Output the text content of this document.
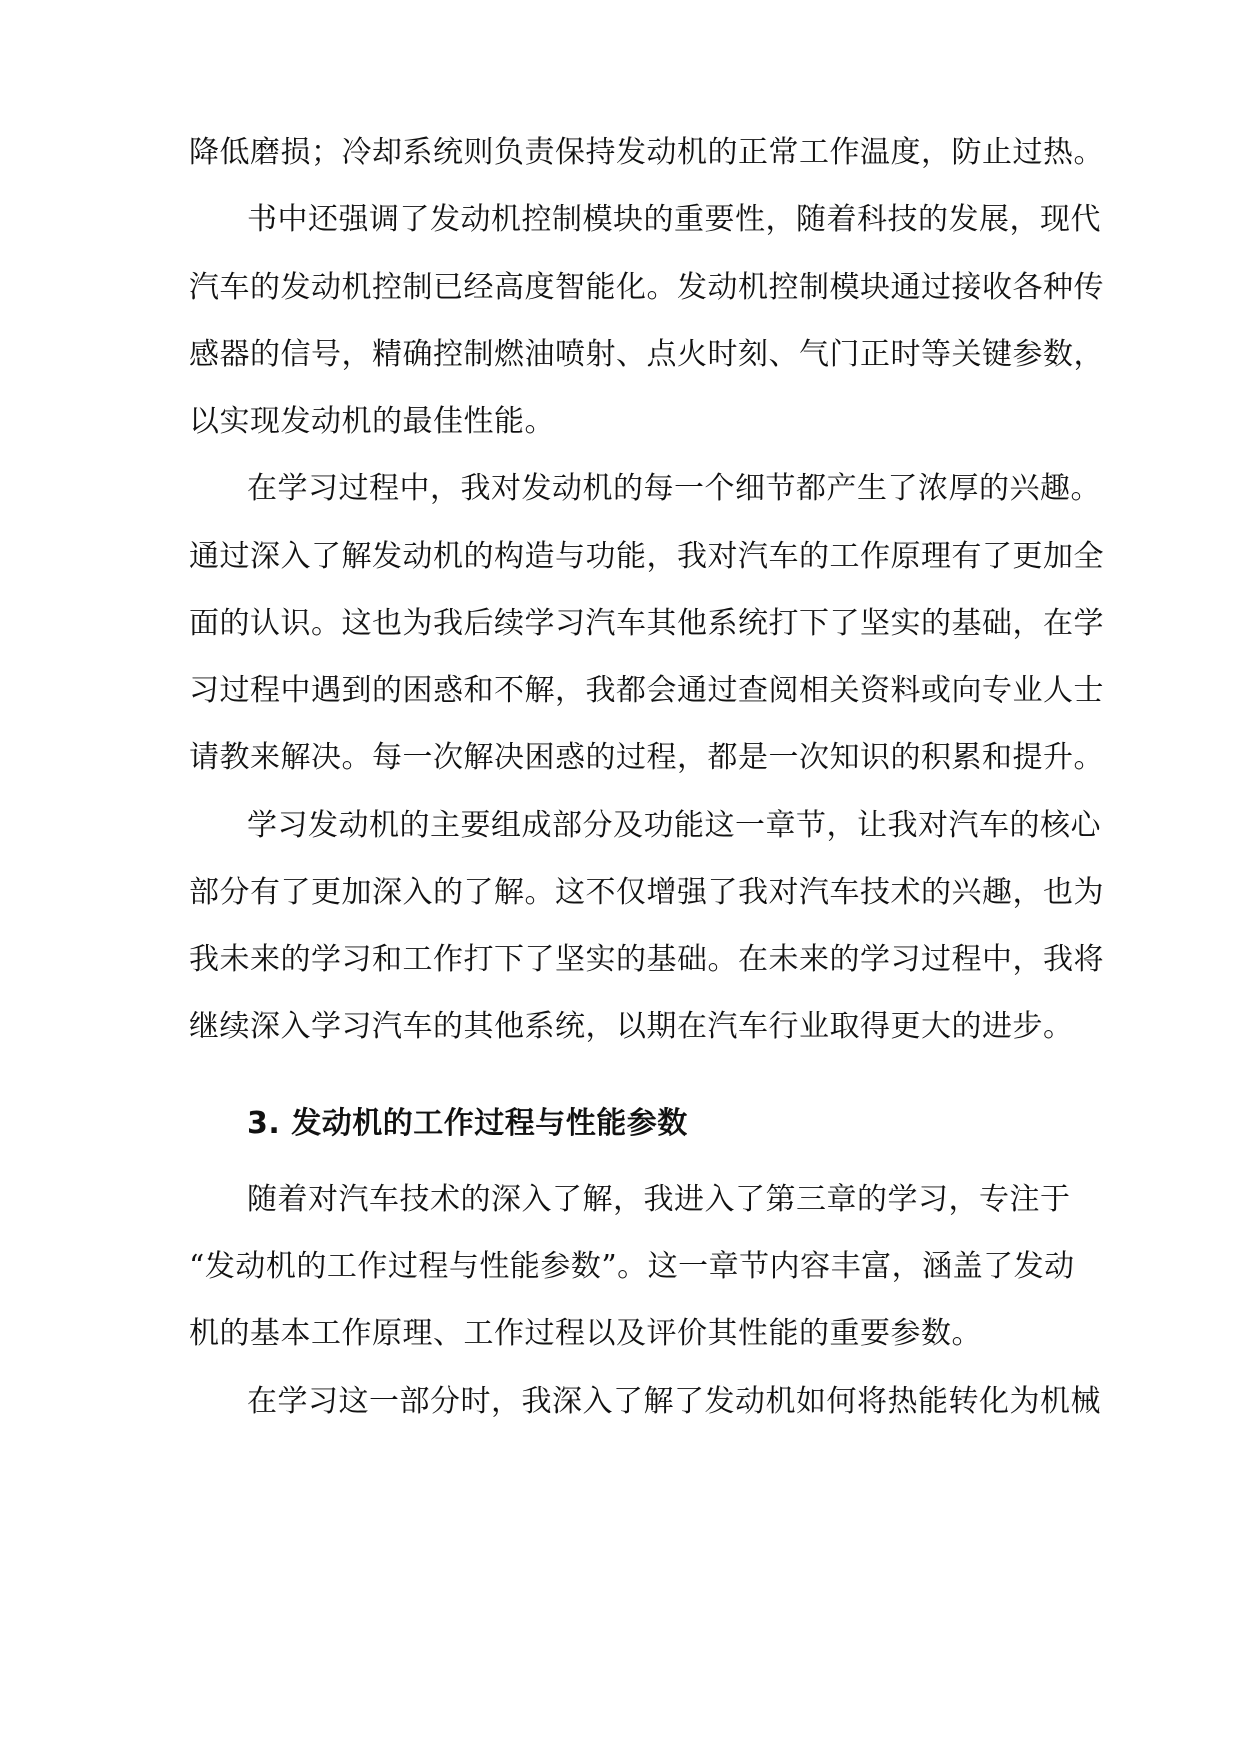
降低磨损；冷却系统则负责保持发动机的正常工作温度，防止过热。
书中还强调了发动机控制模块的重要性，随着科技的发展，现代
汽车的发动机控制已经高度智能化。发动机控制模块通过接收各种传
感器的信号，精确控制燃油喷射、点火时刻、气门正时等关键参数，
以实现发动机的最佳性能。
在学习过程中，我对发动机的每一个细节都产生了浓厚的兴趣。
通过深入了解发动机的构造与功能，我对汽车的工作原理有了更加全
面的认识。这也为我后续学习汽车其他系统打下了坚实的基础，在学
习过程中遇到的困惑和不解，我都会通过查阅相关资料或向专业人士
请教来解决。每一次解决困惑的过程，都是一次知识的积累和提升。
学习发动机的主要组成部分及功能这一章节，让我对汽车的核心
部分有了更加深入的了解。这不仅增强了我对汽车技术的兴趣，也为
我未来的学习和工作打下了坚实的基础。在未来的学习过程中，我将
继续深入学习汽车的其他系统，以期在汽车行业取得更大的进步。
3. 发动机的工作过程与性能参数
随着对汽车技术的深入了解，我进入了第三章的学习，专注于
“发动机的工作过程与性能参数”。这一章节内容丰富，涵盖了发动
机的基本工作原理、工作过程以及评价其性能的重要参数。
在学习这一部分时，我深入了解了发动机如何将热能转化为机械
